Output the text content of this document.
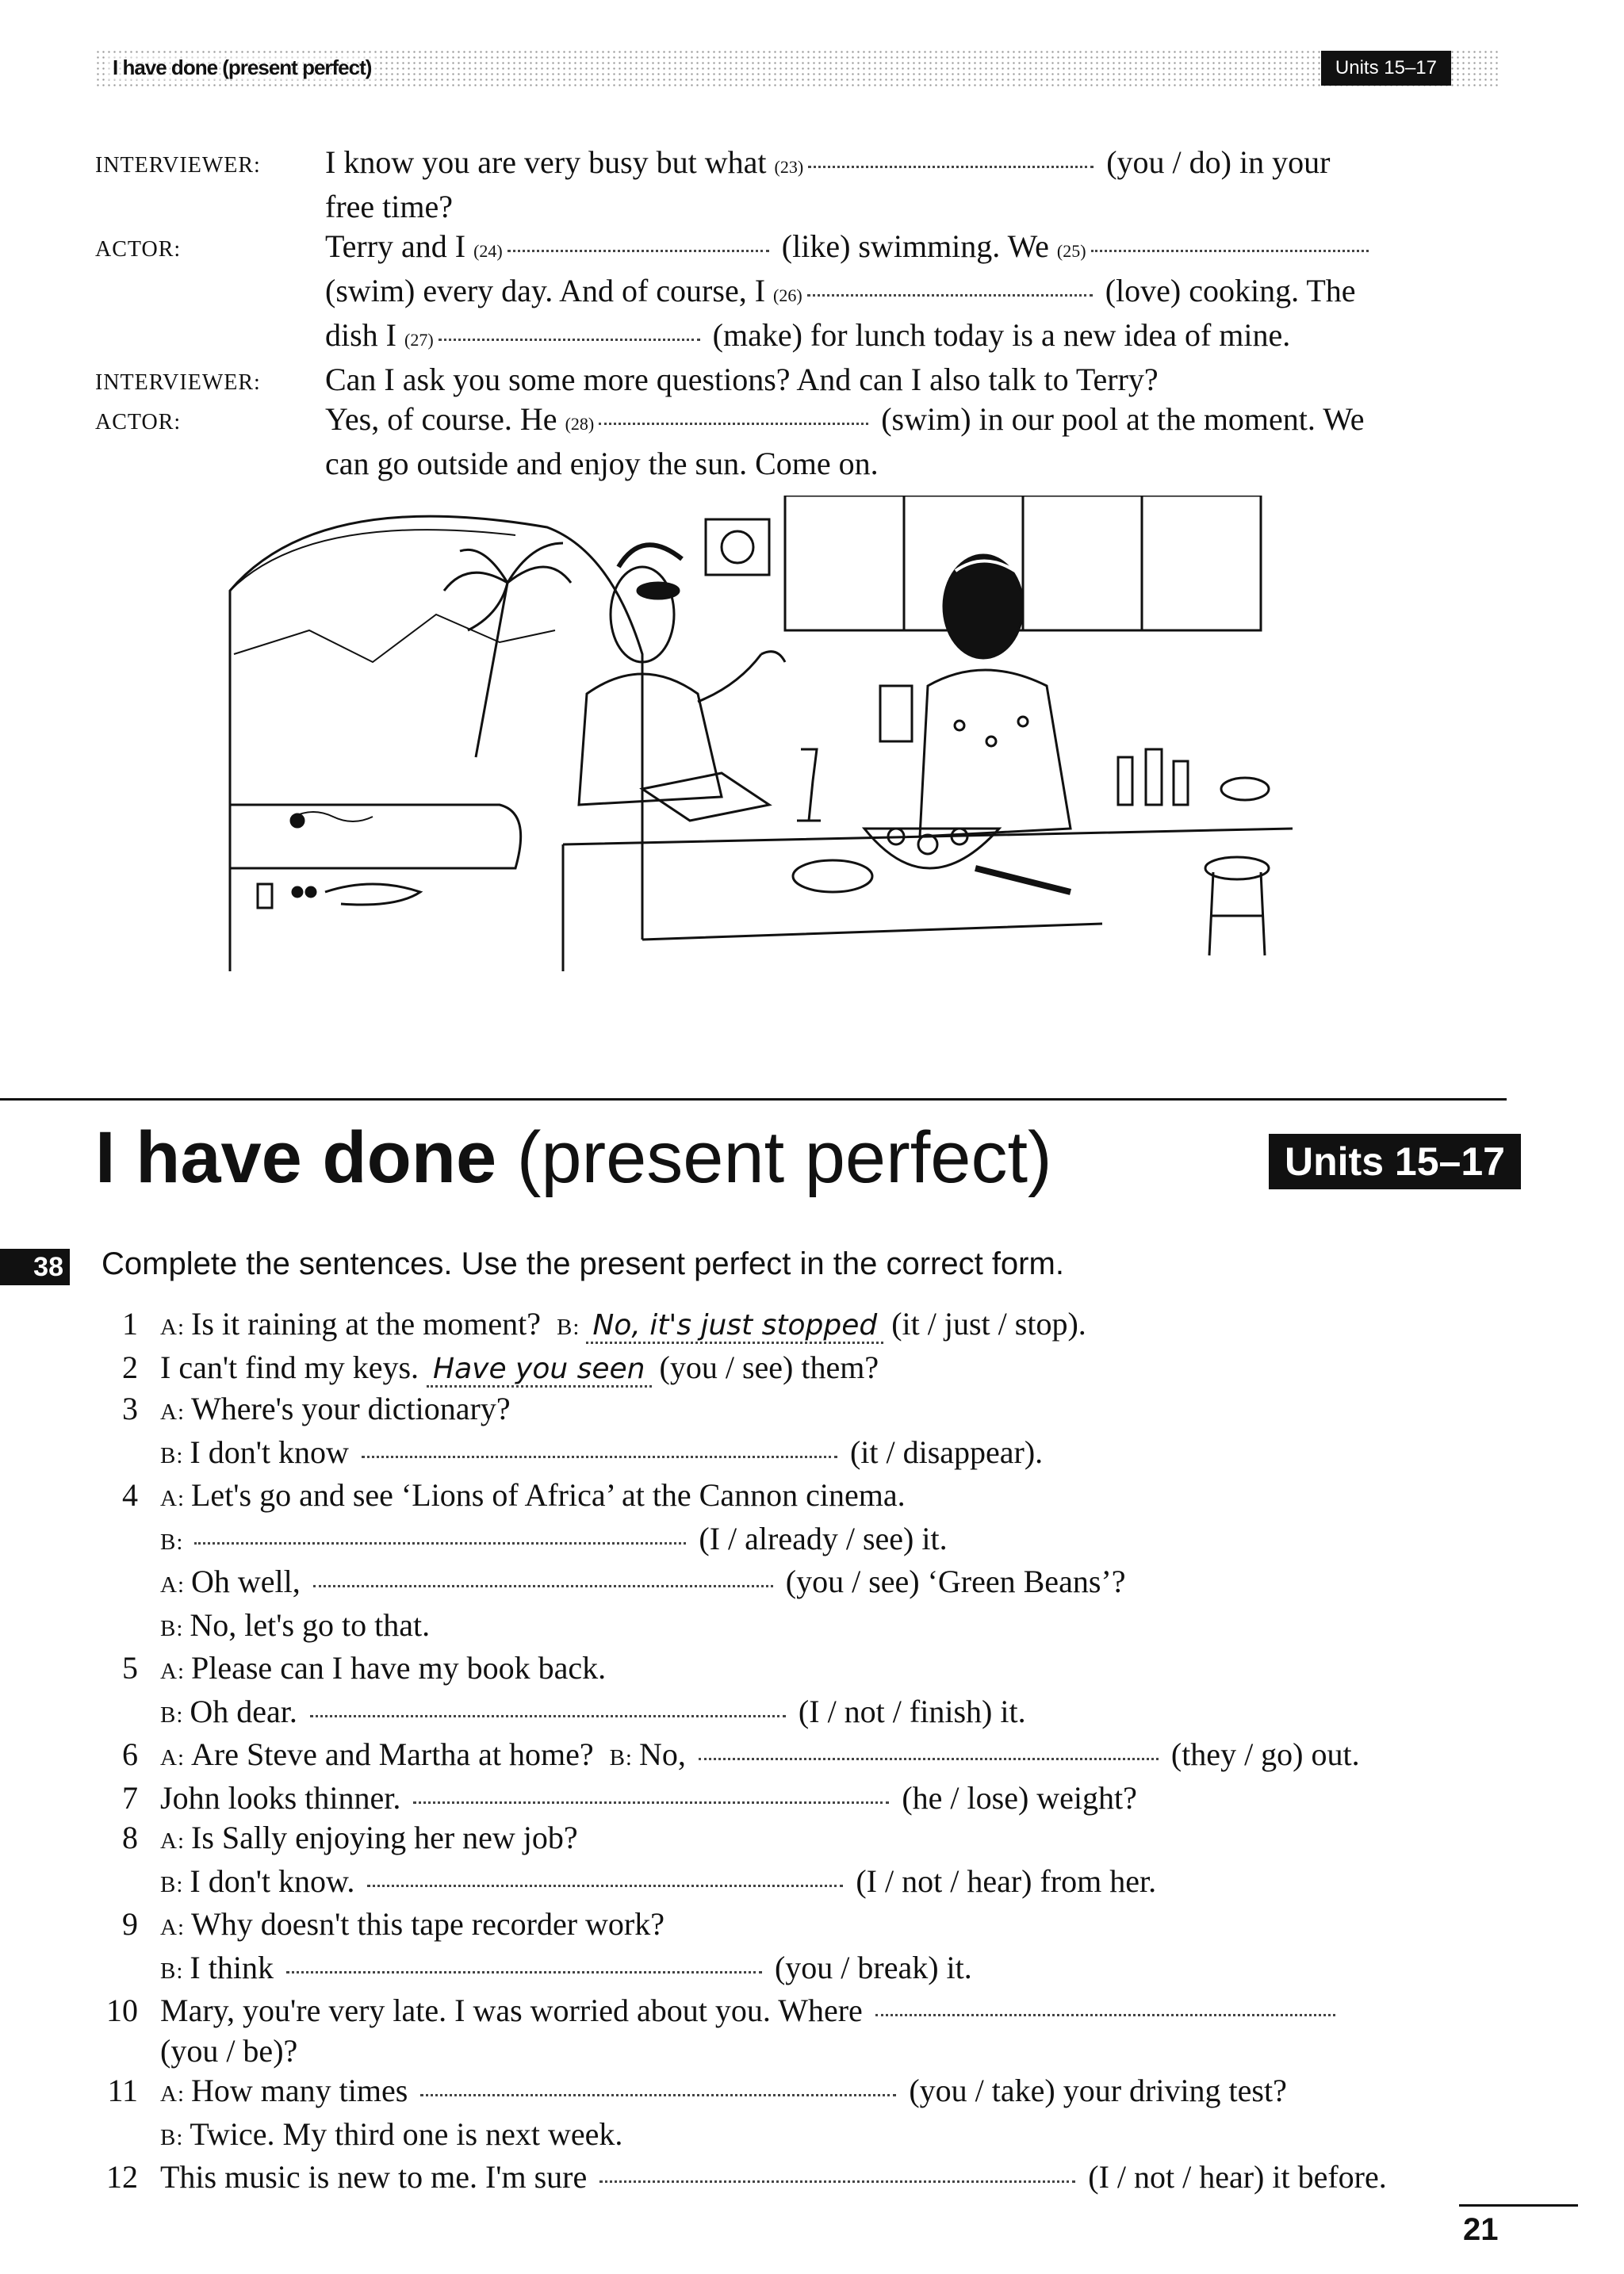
I have done (present perfect)	Units 15–17
INTERVIEWER:	I know you are very busy but what (23)	(you / do) in your
free time?
ACTOR:	Terry and I (24)	(like) swimming. We (25)
(swim) every day. And of course, I (26)	(love) cooking. The
dish I (27)	(make) for lunch today is a new idea of mine.
INTERVIEWER:	Can I ask you some more questions? And can I also talk to Terry?
ACTOR:	Yes, of course. He (28)	(swim) in our pool at the moment. We
can go outside and enjoy the sun. Come on.
I have done (present perfect)	Units 15–17
38 Complete the sentences. Use the present perfect in the correct form.
1 A: Is it raining at the moment? B: No, it's just stopped (it / just / stop).
2 I can't find my keys. Have you seen (you / see) them?
3 A: Where's your dictionary?
B: I don't know	(it / disappear).
4 A: Let's go and see ‘Lions of Africa’ at the Cannon cinema.
B:	(I / already / see) it.
A: Oh well,	(you / see) ‘Green Beans’?
B: No, let's go to that.
5 A: Please can I have my book back.
B: Oh dear.	(I / not / finish) it.
6 A: Are Steve and Martha at home? B: No,	(they / go) out.
7 John looks thinner.	(he / lose) weight?
8 A: Is Sally enjoying her new job?
B: I don't know.	(I / not / hear) from her.
9 A: Why doesn't this tape recorder work?
B: I think	(you / break) it.
10 Mary, you're very late. I was worried about you. Where
(you / be)?
11 A: How many times	(you / take) your driving test?
B: Twice. My third one is next week.
12 This music is new to me. I'm sure	(I / not / hear) it before.
21
